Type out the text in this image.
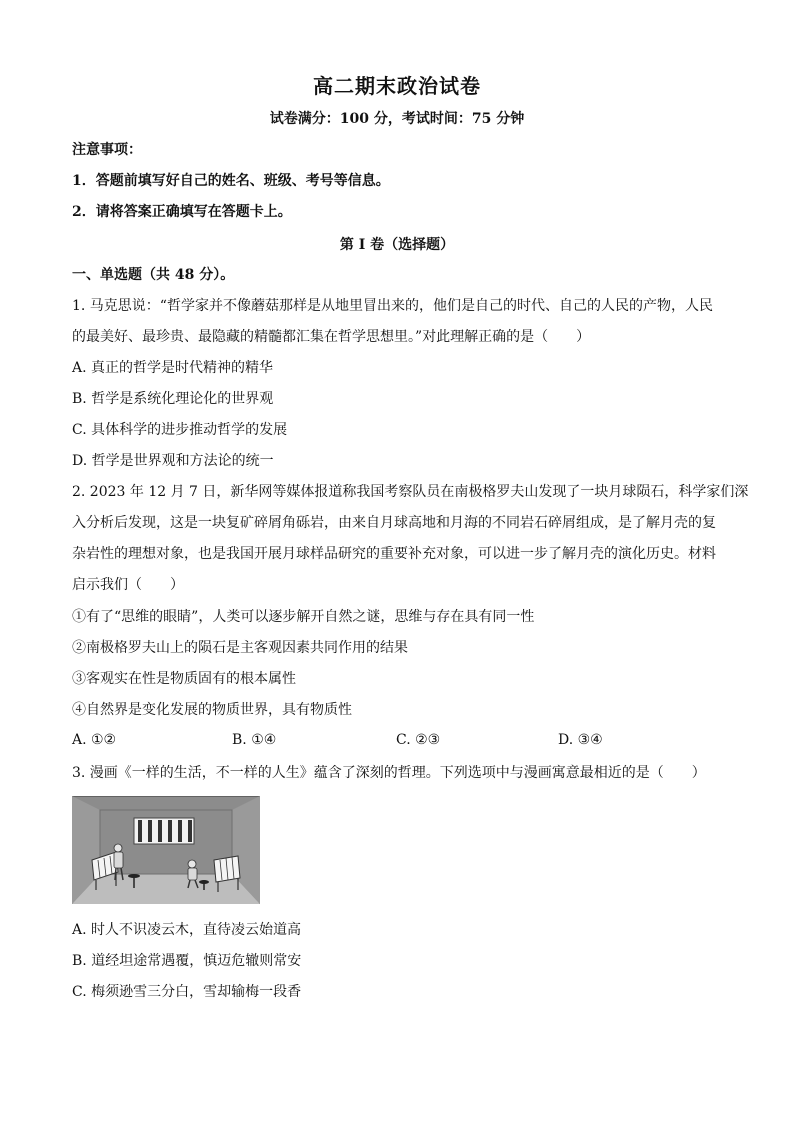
高二期末政治试卷
试卷满分：100 分，考试时间：75 分钟
注意事项：
1．答题前填写好自己的姓名、班级、考号等信息。
2．请将答案正确填写在答题卡上。
第 I 卷（选择题）
一、单选题（共 48 分）。
1. 马克思说：“哲学家并不像蘑菇那样是从地里冒出来的，他们是自己的时代、自己的人民的产物，人民
的最美好、最珍贵、最隐藏的精髓都汇集在哲学思想里。”对此理解正确的是（　　）
A. 真正的哲学是时代精神的精华
B. 哲学是系统化理论化的世界观
C. 具体科学的进步推动哲学的发展
D. 哲学是世界观和方法论的统一
2. 2023 年 12 月 7 日，新华网等媒体报道称我国考察队员在南极格罗夫山发现了一块月球陨石，科学家们深
入分析后发现，这是一块复矿碎屑角砾岩，由来自月球高地和月海的不同岩石碎屑组成，是了解月壳的复
杂岩性的理想对象，也是我国开展月球样品研究的重要补充对象，可以进一步了解月壳的演化历史。材料
启示我们（　　）
①有了“思维的眼睛”，人类可以逐步解开自然之谜，思维与存在具有同一性
②南极格罗夫山上的陨石是主客观因素共同作用的结果
③客观实在性是物质固有的根本属性
④自然界是变化发展的物质世界，具有物质性
A. ①②	B. ①④	C. ②③	D. ③④
3. 漫画《一样的生活，不一样的人生》蕴含了深刻的哲理。下列选项中与漫画寓意最相近的是（　　）
A. 时人不识凌云木，直待凌云始道高
B. 道经坦途常遇覆，慎迈危辙则常安
C. 梅须逊雪三分白，雪却输梅一段香
